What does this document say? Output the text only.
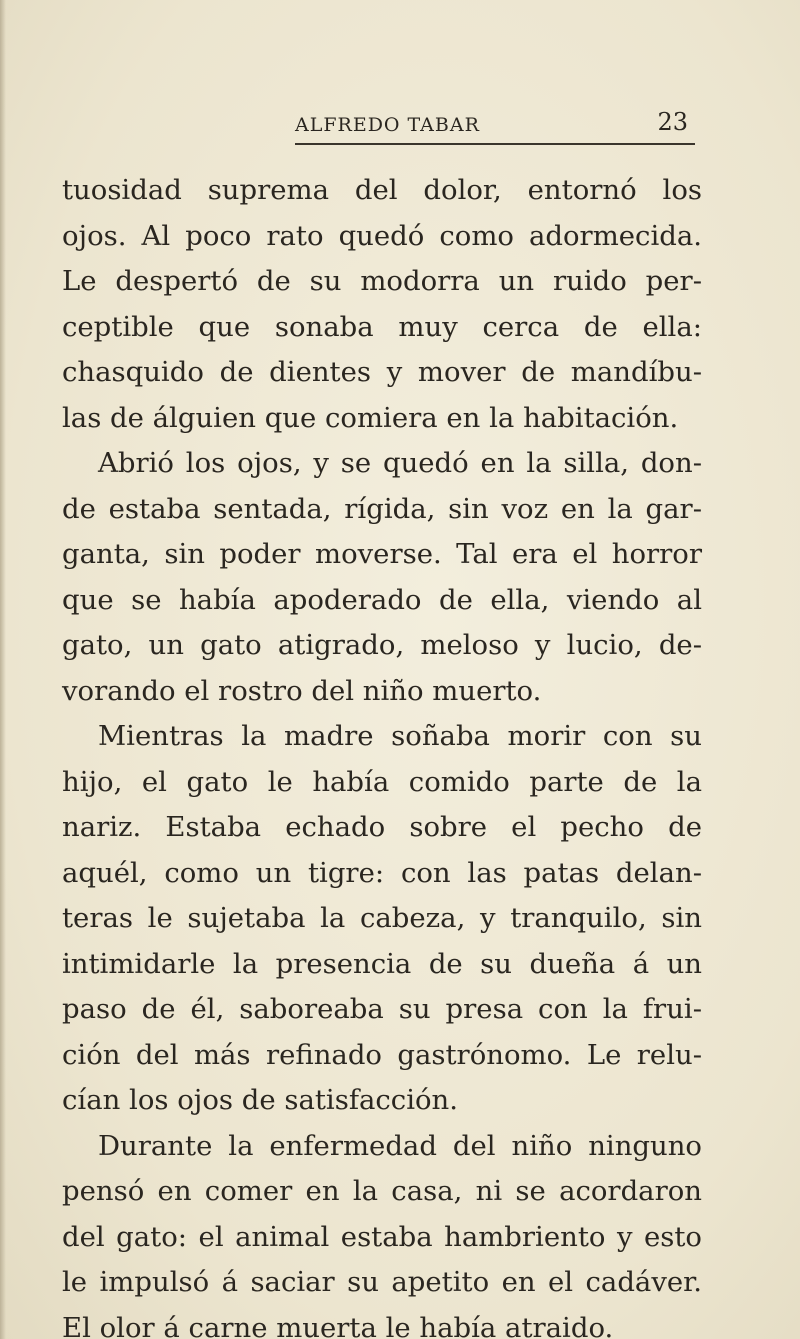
ALFREDO TABAR	23
tuosidad suprema del dolor, entornó los
ojos. Al poco rato quedó como adormecida.
Le despertó de su modorra un ruido per-
ceptible que sonaba muy cerca de ella:
chasquido de dientes y mover de mandíbu-
las de álguien que comiera en la habitación.
Abrió los ojos, y se quedó en la silla, don-
de estaba sentada, rígida, sin voz en la gar-
ganta, sin poder moverse. Tal era el horror
que se había apoderado de ella, viendo al
gato, un gato atigrado, meloso y lucio, de-
vorando el rostro del niño muerto.
Mientras la madre soñaba morir con su
hijo, el gato le había comido parte de la
nariz. Estaba echado sobre el pecho de
aquél, como un tigre: con las patas delan-
teras le sujetaba la cabeza, y tranquilo, sin
intimidarle la presencia de su dueña á un
paso de él, saboreaba su presa con la frui-
ción del más refinado gastrónomo. Le relu-
cían los ojos de satisfacción.
Durante la enfermedad del niño ninguno
pensó en comer en la casa, ni se acordaron
del gato: el animal estaba hambriento y esto
le impulsó á saciar su apetito en el cadáver.
El olor á carne muerta le había atraido.
